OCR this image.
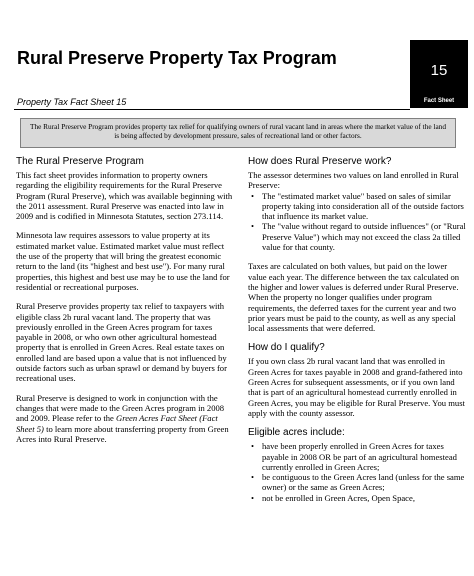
Rural Preserve Property Tax Program
15
Fact Sheet
Property Tax Fact Sheet 15
The Rural Preserve Program provides property tax relief for qualifying owners of rural vacant land in areas where the market value of the land is being affected by development pressure, sales of recreational land or other factors.
The Rural Preserve Program
This fact sheet provides information to property owners regarding the eligibility requirements for the Rural Preserve Program (Rural Preserve), which was available beginning with the 2011 assessment. Rural Preserve was enacted into law in 2009 and is codified in Minnesota Statutes, section 273.114.
Minnesota law requires assessors to value property at its estimated market value. Estimated market value must reflect the use of the property that will bring the greatest economic return to the land (its "highest and best use"). For many rural properties, this highest and best use may be to use the land for residential or recreational purposes.
Rural Preserve provides property tax relief to taxpayers with eligible class 2b rural vacant land. The property that was previously enrolled in the Green Acres program for taxes payable in 2008, or who own other agricultural homestead property that is enrolled in Green Acres. Real estate taxes on enrolled land are based upon a value that is not influenced by outside factors such as urban sprawl or demand by buyers for recreational uses.
Rural Preserve is designed to work in conjunction with the changes that were made to the Green Acres program in 2008 and 2009. Please refer to the Green Acres Fact Sheet (Fact Sheet 5) to learn more about transferring property from Green Acres into Rural Preserve.
How does Rural Preserve work?
The assessor determines two values on land enrolled in Rural Preserve:
• The "estimated market value" based on sales of similar property taking into consideration all of the outside factors that influence its market value.
• The "value without regard to outside influences" (or "Rural Preserve Value") which may not exceed the class 2a tilled value for that county.
Taxes are calculated on both values, but paid on the lower value each year. The difference between the tax calculated on the higher and lower values is deferred under Rural Preserve. When the property no longer qualifies under program requirements, the deferred taxes for the current year and two prior years must be paid to the county, as well as any special local assessments that were deferred.
How do I qualify?
If you own class 2b rural vacant land that was enrolled in Green Acres for taxes payable in 2008 and grand-fathered into Green Acres for subsequent assessments, or if you own land that is part of an agricultural homestead currently enrolled in Green Acres, you may be eligible for Rural Preserve. You must apply with the county assessor.
Eligible acres include:
• have been properly enrolled in Green Acres for taxes payable in 2008 OR be part of an agricultural homestead currently enrolled in Green Acres;
• be contiguous to the Green Acres land (unless for the same owner) or the same as Green Acres;
• not be enrolled in Green Acres, Open Space,
